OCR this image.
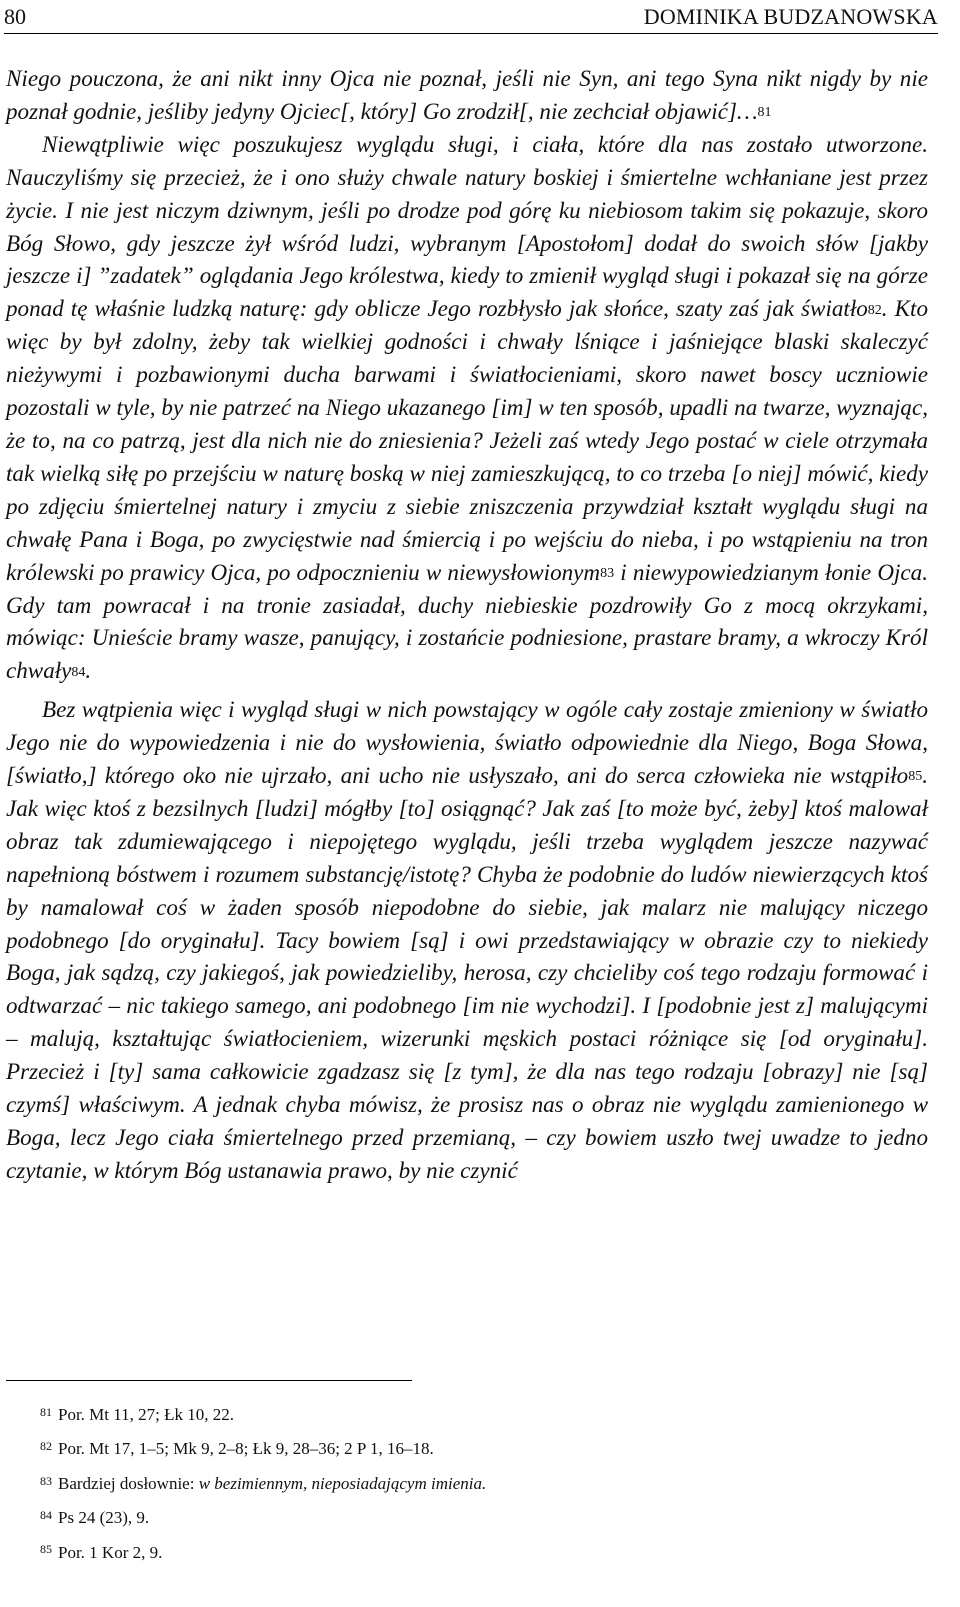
80	DOMINIKA BUDZANOWSKA

Niego pouczona, że ani nikt inny Ojca nie poznał, jeśli nie Syn, ani tego Syna nikt nigdy by nie poznał godnie, jeśliby jedyny Ojciec[, który] Go zrodził[, nie zechciał objawić]…$^{81}$

Niewątpliwie więc poszukujesz wyglądu sługi, i ciała, które dla nas zostało utworzone. Nauczyliśmy się przecież, że i ono służy chwale natury boskiej i śmiertelne wchłaniane jest przez życie. I nie jest niczym dziwnym, jeśli po drodze pod górę ku niebiosom takim się pokazuje, skoro Bóg Słowo, gdy jeszcze żył wśród ludzi, wybranym [Apostołom] dodał do swoich słów [jakby jeszcze i] ”zadatek” oglądania Jego królestwa, kiedy to zmienił wygląd sługi i pokazał się na górze ponad tę właśnie ludzką naturę: gdy oblicze Jego rozbłysło jak słońce, szaty zaś jak światło$^{82}$. Kto więc by był zdolny, żeby tak wielkiej godności i chwały lśniące i jaśniejące blaski skaleczyć nieżywymi i pozbawionymi ducha barwami i światłocieniami, skoro nawet boscy uczniowie pozostali w tyle, by nie patrzeć na Niego ukazanego [im] w ten sposób, upadli na twarze, wyznając, że to, na co patrzą, jest dla nich nie do zniesienia? Jeżeli zaś wtedy Jego postać w ciele otrzymała tak wielką siłę po przejściu w naturę boską w niej zamieszkującą, to co trzeba [o niej] mówić, kiedy po zdjęciu śmiertelnej natury i zmyciu z siebie zniszczenia przywdział kształt wyglądu sługi na chwałę Pana i Boga, po zwycięstwie nad śmiercią i po wejściu do nieba, i po wstąpieniu na tron królewski po prawicy Ojca, po odpocznieniu w niewysłowionym$^{83}$ i niewypowiedzianym łonie Ojca. Gdy tam powracał i na tronie zasiadał, duchy niebieskie pozdrowiły Go z mocą okrzykami, mówiąc: Unieście bramy wasze, panujący, i zostańcie podniesione, prastare bramy, a wkroczy Król chwały$^{84}$.

Bez wątpienia więc i wygląd sługi w nich powstający w ogóle cały zostaje zmieniony w światło Jego nie do wypowiedzenia i nie do wysłowienia, światło odpowiednie dla Niego, Boga Słowa, [światło,] którego oko nie ujrzało, ani ucho nie usłyszało, ani do serca człowieka nie wstąpiło$^{85}$. Jak więc ktoś z bezsilnych [ludzi] mógłby [to] osiągnąć? Jak zaś [to może być, żeby] ktoś malował obraz tak zdumiewającego i niepojętego wyglądu, jeśli trzeba wyglądem jeszcze nazywać napełnioną bóstwem i rozumem substancję/istotę? Chyba że podobnie do ludów niewierzących ktoś by namalował coś w żaden sposób niepodobne do siebie, jak malarz nie malujący niczego podobnego [do oryginału]. Tacy bowiem [są] i owi przedstawiający w obrazie czy to niekiedy Boga, jak sądzą, czy jakiegoś, jak powiedzieliby, herosa, czy chcieliby coś tego rodzaju formować i odtwarzać – nic takiego samego, ani podobnego [im nie wychodzi]. I [podobnie jest z] malującymi – malują, kształtując światłocieniem, wizerunki męskich postaci różniące się [od oryginału]. Przecież i [ty] sama całkowicie zgadzasz się [z tym], że dla nas tego rodzaju [obrazy] nie [są] czymś] właściwym. A jednak chyba mówisz, że prosisz nas o obraz nie wyglądu zamienionego w Boga, lecz Jego ciała śmiertelnego przed przemianą, – czy bowiem uszło twej uwadze to jedno czytanie, w którym Bóg ustanawia prawo, by nie czynić

$^{81}$ Por. Mt 11, 27; Łk 10, 22.
$^{82}$ Por. Mt 17, 1–5; Mk 9, 2–8; Łk 9, 28–36; 2 P 1, 16–18.
$^{83}$ Bardziej dosłownie: w bezimiennym, nieposiadającym imienia.
$^{84}$ Ps 24 (23), 9.
$^{85}$ Por. 1 Kor 2, 9.
